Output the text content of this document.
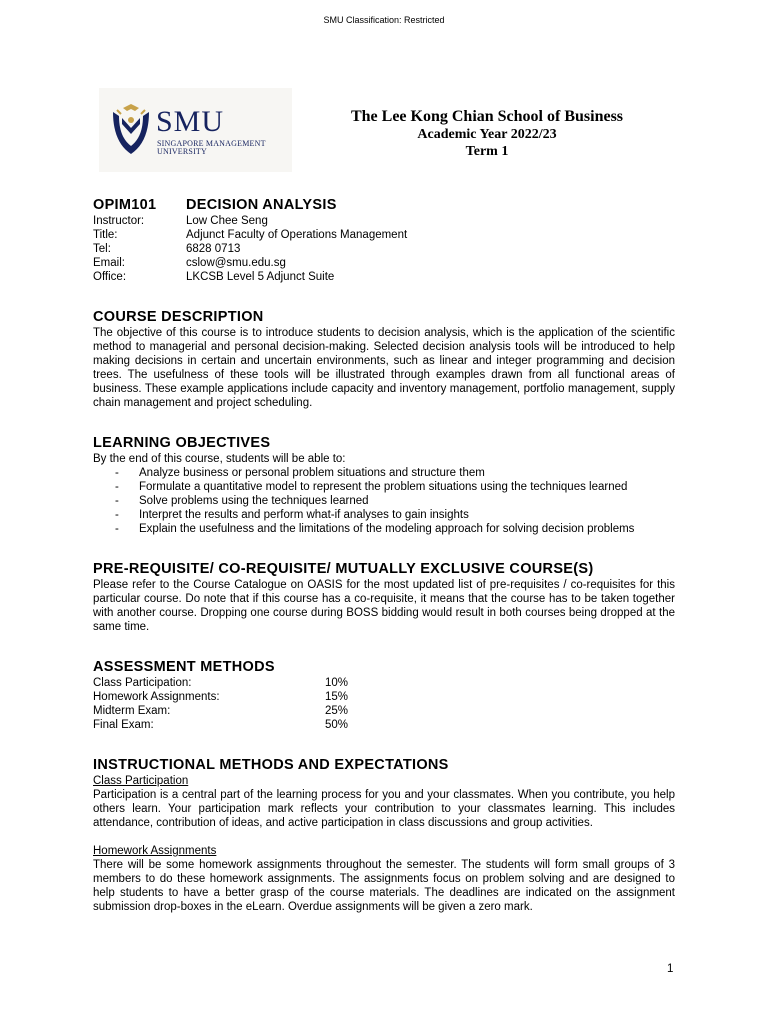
SMU Classification: Restricted
SMU
SINGAPORE MANAGEMENT
UNIVERSITY
The Lee Kong Chian School of Business
Academic Year 2022/23
Term 1
OPIM101	DECISION ANALYSIS
Instructor:	Low Chee Seng
Title:	Adjunct Faculty of Operations Management
Tel:	6828 0713
Email:	cslow@smu.edu.sg
Office:	LKCSB Level 5 Adjunct Suite
COURSE DESCRIPTION

The objective of this course is to introduce students to decision analysis, which is the application of the scientific method to managerial and personal decision-making. Selected decision analysis tools will be introduced to help making decisions in certain and uncertain environments, such as linear and integer programming and decision trees. The usefulness of these tools will be illustrated through examples drawn from all functional areas of business. These example applications include capacity and inventory management, portfolio management, supply chain management and project scheduling.

LEARNING OBJECTIVES
By the end of this course, students will be able to:
-	Analyze business or personal problem situations and structure them
-	Formulate a quantitative model to represent the problem situations using the techniques learned
-	Solve problems using the techniques learned
-	Interpret the results and perform what-if analyses to gain insights
-	Explain the usefulness and the limitations of the modeling approach for solving decision problems
PRE-REQUISITE/ CO-REQUISITE/ MUTUALLY EXCLUSIVE COURSE(S)

Please refer to the Course Catalogue on OASIS for the most updated list of pre-requisites / co-requisites for this particular course. Do note that if this course has a co-requisite, it means that the course has to be taken together with another course. Dropping one course during BOSS bidding would result in both courses being dropped at the same time.

ASSESSMENT METHODS
Class Participation:	10%
Homework Assignments:	15%
Midterm Exam:	25%
Final Exam:	50%
INSTRUCTIONAL METHODS AND EXPECTATIONS
Class Participation

Participation is a central part of the learning process for you and your classmates. When you contribute, you help others learn. Your participation mark reflects your contribution to your classmates learning. This includes attendance, contribution of ideas, and active participation in class discussions and group activities.

Homework Assignments

There will be some homework assignments throughout the semester. The students will form small groups of 3 members to do these homework assignments. The assignments focus on problem solving and are designed to help students to have a better grasp of the course materials. The deadlines are indicated on the assignment submission drop-boxes in the eLearn. Overdue assignments will be given a zero mark.

1
